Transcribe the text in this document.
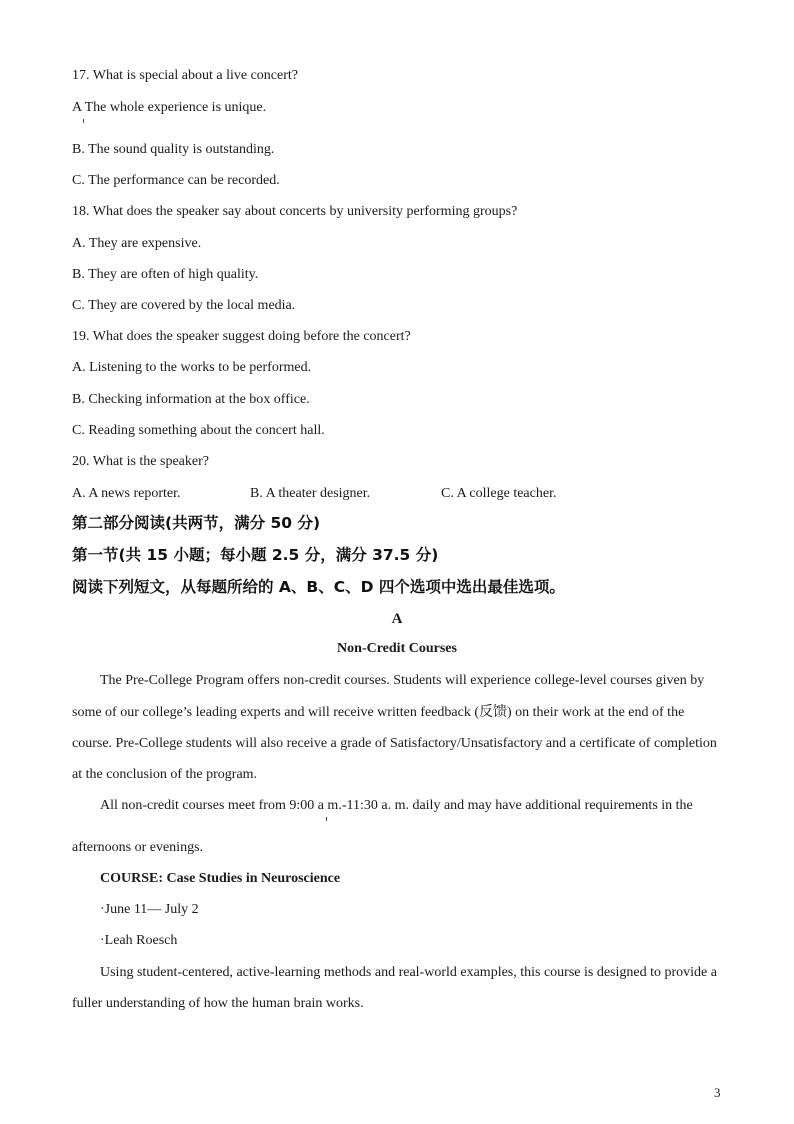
17. What is special about a live concert?
A The whole experience is unique.
B. The sound quality is outstanding.
C. The performance can be recorded.
18. What does the speaker say about concerts by university performing groups?
A. They are expensive.
B. They are often of high quality.
C. They are covered by the local media.
19. What does the speaker suggest doing before the concert?
A. Listening to the works to be performed.
B. Checking information at the box office.
C. Reading something about the concert hall.
20. What is the speaker?
A. A news reporter.	B. A theater designer.	C. A college teacher.
第二部分阅读(共两节，满分 50 分)
第一节(共 15 小题；每小题 2.5 分，满分 37.5 分)
阅读下列短文，从每题所给的 A、B、C、D 四个选项中选出最佳选项。
A
Non-Credit Courses
The Pre-College Program offers non-credit courses. Students will experience college-level courses given by
some of our college’s leading experts and will receive written feedback (反馈) on their work at the end of the
course. Pre-College students will also receive a grade of Satisfactory/Unsatisfactory and a certificate of completion
at the conclusion of the program.
All non-credit courses meet from 9:00 a m.-11:30 a. m. daily and may have additional requirements in the
afternoons or evenings.
COURSE: Case Studies in Neuroscience
·June 11— July 2
·Leah Roesch
Using student-centered, active-learning methods and real-world examples, this course is designed to provide a
fuller understanding of how the human brain works.
3
